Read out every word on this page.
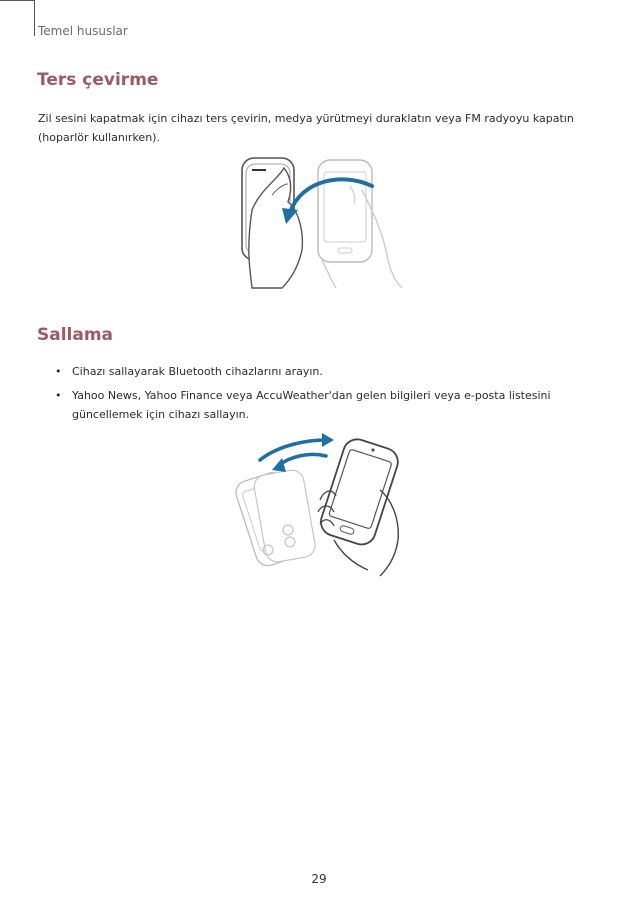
Temel hususlar
Ters çevirme

Zil sesini kapatmak için cihazı ters çevirin, medya yürütmeyi duraklatın veya FM radyoyu kapatın (hoparlör kullanırken).

Sallama
• Cihazı sallayarak Bluetooth cihazlarını arayın.
• Yahoo News, Yahoo Finance veya AccuWeather'dan gelen bilgileri veya e-posta listesini güncellemek için cihazı sallayın.
29
